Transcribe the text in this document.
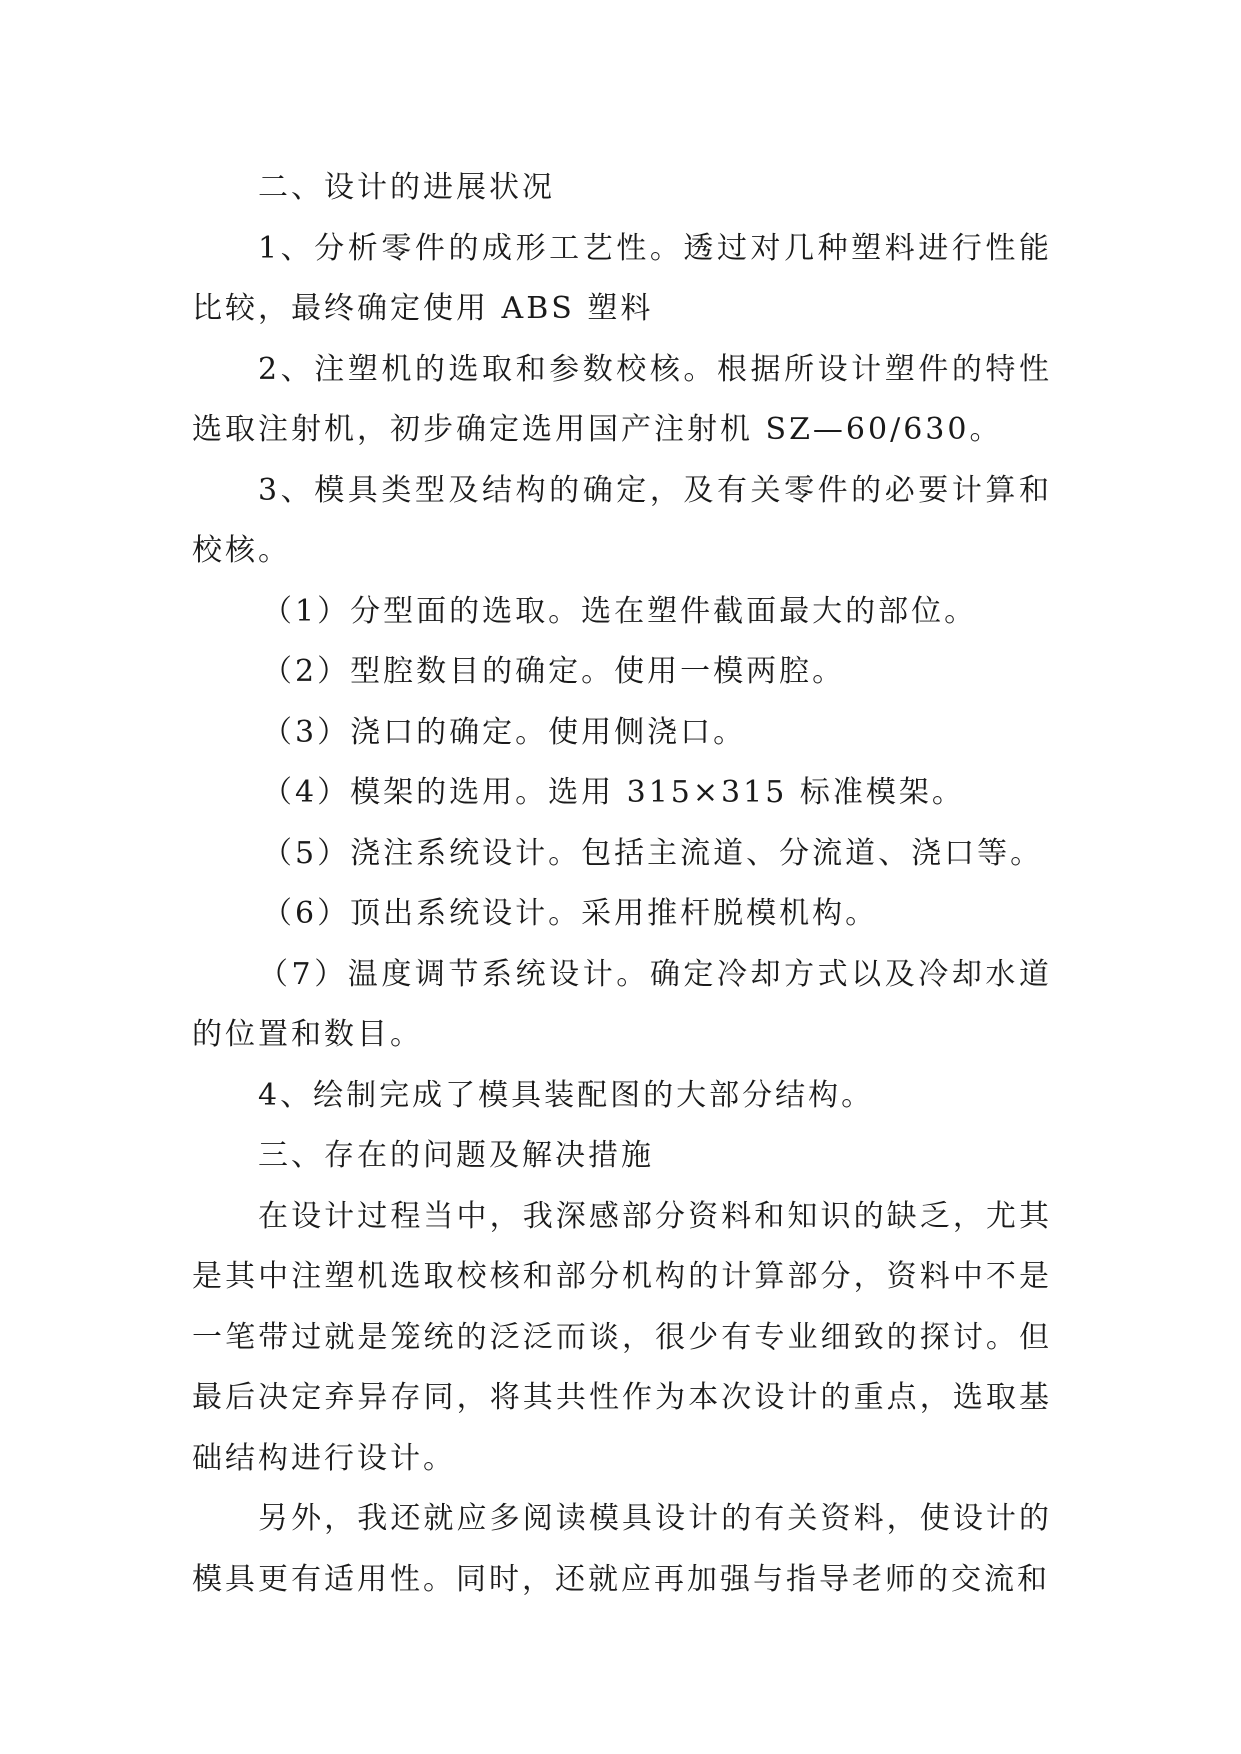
二、设计的进展状况

1、分析零件的成形工艺性。透过对几种塑料进行性能比较，最终确定使用 ABS 塑料

2、注塑机的选取和参数校核。根据所设计塑件的特性选取注射机，初步确定选用国产注射机 SZ—60/630。

3、模具类型及结构的确定，及有关零件的必要计算和校核。

（1）分型面的选取。选在塑件截面最大的部位。

（2）型腔数目的确定。使用一模两腔。

（3）浇口的确定。使用侧浇口。

（4）模架的选用。选用 315×315 标准模架。

（5）浇注系统设计。包括主流道、分流道、浇口等。

（6）顶出系统设计。采用推杆脱模机构。

（7）温度调节系统设计。确定冷却方式以及冷却水道的位置和数目。

4、绘制完成了模具装配图的大部分结构。

三、存在的问题及解决措施

在设计过程当中，我深感部分资料和知识的缺乏，尤其是其中注塑机选取校核和部分机构的计算部分，资料中不是一笔带过就是笼统的泛泛而谈，很少有专业细致的探讨。但最后决定弃异存同，将其共性作为本次设计的重点，选取基础结构进行设计。

另外，我还就应多阅读模具设计的有关资料，使设计的模具更有适用性。同时，还就应再加强与指导老师的交流和
